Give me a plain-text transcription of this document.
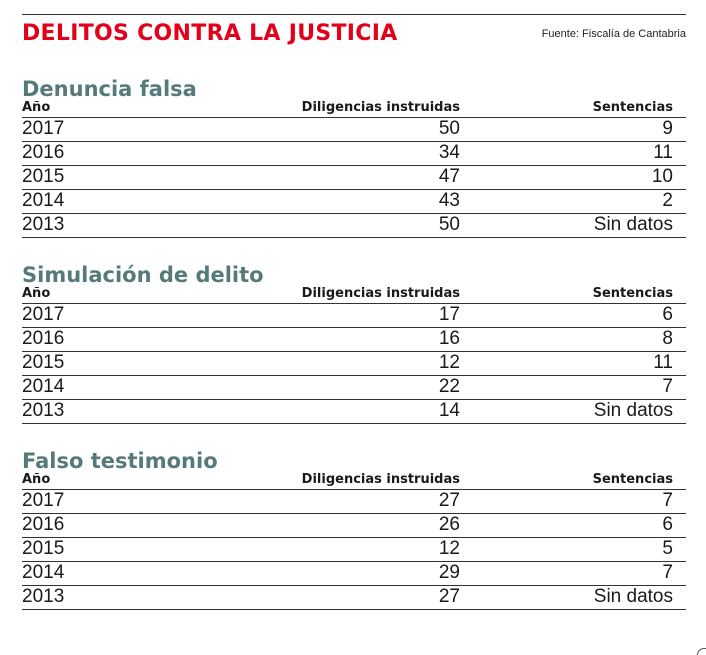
DELITOS CONTRA LA JUSTICIA	Fuente: Fiscalía de Cantabria
Denuncia falsa
Año	Diligencias instruidas	Sentencias
2017	50	9
2016	34	11
2015	47	10
2014	43	2
2013	50	Sin datos
Simulación de delito
Año	Diligencias instruidas	Sentencias
2017	17	6
2016	16	8
2015	12	11
2014	22	7
2013	14	Sin datos
Falso testimonio
Año	Diligencias instruidas	Sentencias
2017	27	7
2016	26	6
2015	12	5
2014	29	7
2013	27	Sin datos
